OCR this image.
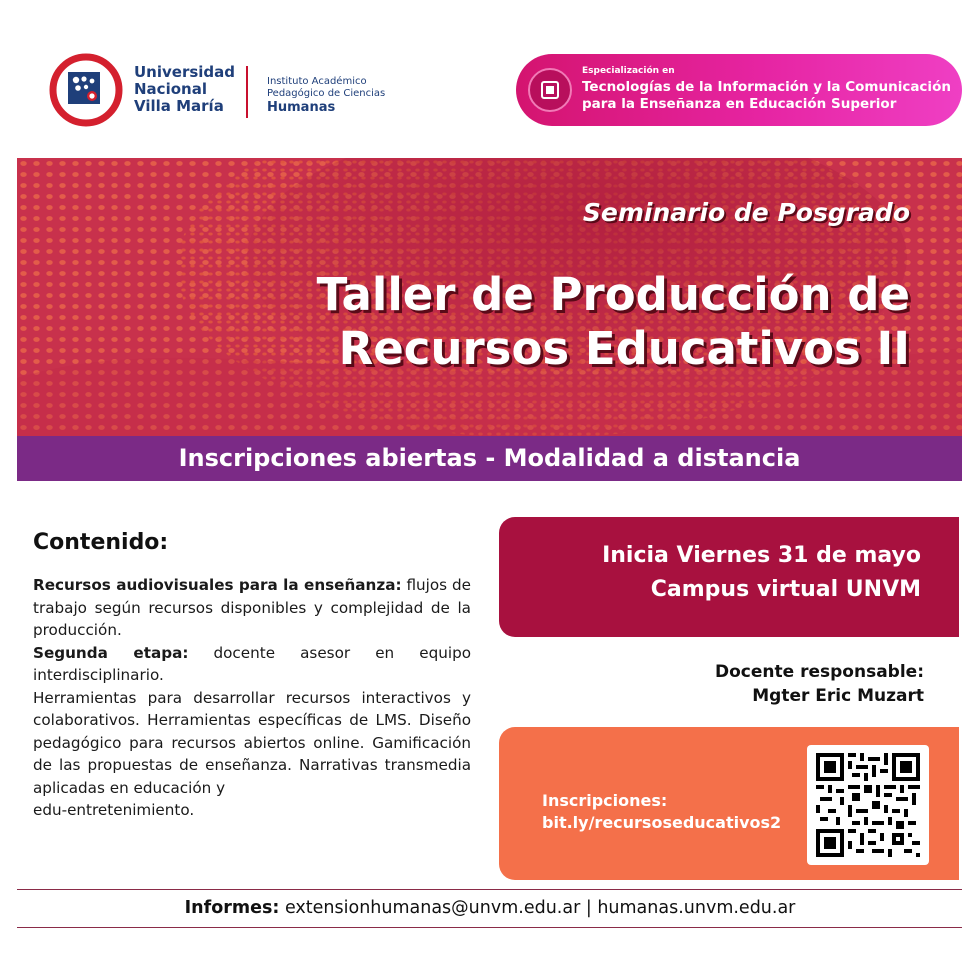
Universidad
Nacional
Villa María
Instituto Académico
Pedagógico de Ciencias
Humanas
Especialización en
Tecnologías de la Información y la Comunicación
para la Enseñanza en Educación Superior
Seminario de Posgrado
Taller de Producción de
Recursos Educativos II
Inscripciones abiertas - Modalidad a distancia
Contenido:
Recursos audiovisuales para la enseñanza: flujos de trabajo según recursos disponibles y complejidad de la producción.
Segunda etapa: docente asesor en equipo interdisciplinario.
Herramientas para desarrollar recursos interactivos y colaborativos. Herramientas específicas de LMS. Diseño pedagógico para recursos abiertos online. Gamificación de las propuestas de enseñanza. Narrativas transmedia aplicadas en educación y
edu-entretenimiento.
Inicia Viernes 31 de mayo
Campus virtual UNVM
Docente responsable:
Mgter Eric Muzart
Inscripciones:
bit.ly/recursoseducativos2
Informes: extensionhumanas@unvm.edu.ar | humanas.unvm.edu.ar
